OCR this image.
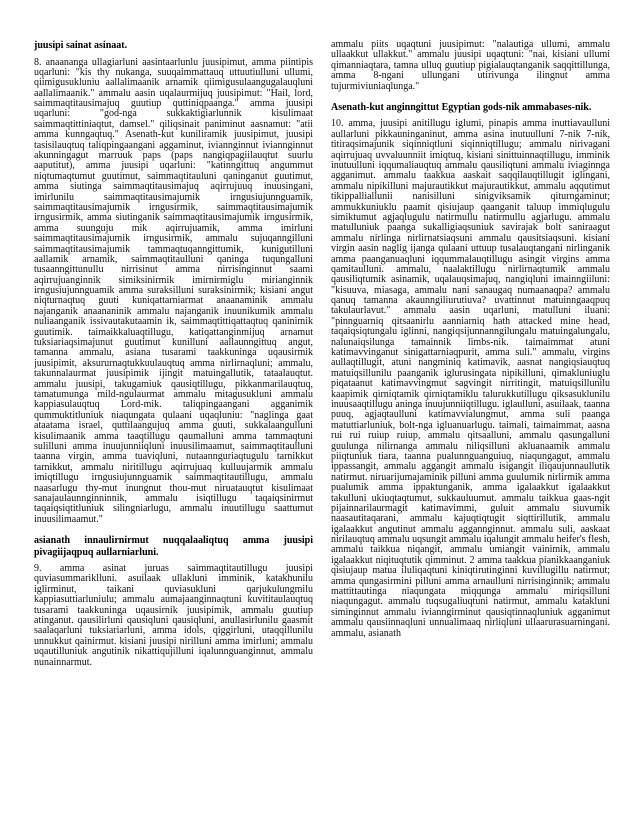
juusipi sainat asinaat.

8. anaananga ullagiarluni aasintaarlunlu juusipimut, amma piintipis uqarluni: "kis thy nukanga, suuqaimmattauq uttuutiulluni ullumi, qiimigusukluniu aallalimaanik arnamik qiimigusulaangugalauqluni aallalimaanik." ammalu aasin uqalaurmijuq juusipimut: "Hail, lord, saimmaqtitausimajuq guutiup quttiniqpaanga." amma juusipi uqarluni: "god-nga sukkaktigiarlunnik kisulimaat saimmaqtittiniaqtut, damsel." qiliqsinait paniminut aasnamut: "atii amma kunngaqtuq." Asenath-kut kuniliramik juusipimut, juusipi tasisilauqtuq taliqpingaangani aggaminut, iviannginnut iviannginnut akunningagut marruuk paps (paps nangiqpagiilauqtut suurlu aaputitut), amma juusipi uqarluni: "katinngittuq angummut niqtumaqtumut guutimut, saimmaqtitauluni qaninganut guutimut, amma siutinga saimmaqtitausimajuq aqirrujuuq inuusingani, imirlunilu saimmaqtitausimajumik irngusiujunnguamik, saimmaqtitausimajumik irngusirmik, saimmaqtitausimajumik irngusirmik, amma siutinganik saimmaqtitausimajumik irngusirmik, amma suunguju mik aqirrujuamik, amma imirluni saimmaqtitausimajumik irngusirmik, ammalu sujuqanngilluni saimmaqtitausimajumik tammaqtuqanngittumik, kunigutilluni aallamik arnamik, saimmaqtitaulluni qaninga tuqungalluni tusaanngittunullu nirrisinut amma nirrisinginnut saami aqirrujuanginnik simiksinirmik imirnirmiglu mirianginnik irngusiujunnguamik amma suraksilluni suraksinirmik; kisiani angut niqturnaqtuq guuti kuniqattarniarmat anaanaminik ammalu najanganik anaananinik ammalu najanganik inuunikumik ammalu nuliaanganik issivautakutaamin ik, saimmaqtittiqattaqtuq qaninimik guutimik. taimaikkaluaqtillugu, katiqattanginmijuq arnamut tuksiariaqsimajunut guutimut kunilluni aallaunngittuq angut, tamanna ammalu, asiana tusarami taakkuninga uqausirmik juusipimit, aksururnaqtukkuulauqtuq amma nirlirnaqluni; ammalu, takunnalaurmat juusipimik ijingit matuingallutik, tataalauqtut. ammalu juusipi, takugamiuk qausiqtillugu, pikkanmarilauqtuq, tamatumunga mild-ngulaurmat ammalu mitagusukluni ammalu kappiasulauqtuq Lord-mik. taliqpingaangani agganimik qummuktitluniuk niaqungata qulaani uqaqluniu: "naglinga gaat ataatama israel, quttilaangujuq amma guuti, sukkalaangulluni kisulimaanik amma taaqtillugu qaumalluni amma tammaqtuni sulilluni amma inuujunniiqluni inuusilimaamut, saimmaqtitaulluni taanna virgin, amma tuaviqluni, nutaannguriaqtugulu tarnikkut tarnikkut, ammalu niritillugu aqirrujuaq kulluujarmik ammalu imiqtillugu irngusiujunnguamik saimmaqtitautillugu, ammalu naasarlugu thy-mut inungnut thou-mut niruatauqtut kisulimaat sanajaulaunnginninnik, ammalu isiqtillugu taqaiqsinirmut taqaiqsiqtitluniuk silingniarlugu, ammalu inuutillugu saattumut inuusilimaamut."

asianath innaulirnirmut nuqqalaaliqtuq amma juusipi pivagiijaqpuq aullarniarluni.

9. amma asinat juruas saimmaqtitautillugu juusipi quviasummariklluni. asuilaak ullakluni imminik, katakhunilu iglirminut, taikani quviasukluni qarjukulungmilu kappiasuttiarluniulu; ammalu aumajaanginnaqtuni kuvititaulauqtuq tusarami taakkuninga uqausirnik juusipimik, ammalu guutiup atinganut. qausilirluni qausiqluni qausiqluni, anullasirlunilu gaasmit saalaqarluni tuksiariarluni, amma idols, qiggirluni, utaqqillunilu unnukkut qainirmut. kisiani juusipi nirilluni amma imirluni; ammalu uqautilluniuk angutinik nikattiqujilluni iqalunnguanginnut, ammalu nunainnarmut.

ammalu piits uqaqtuni juusipimut: "nalautiga ullumi, ammalu ullaakkut ullakkut." ammalu juusipi uqaqtuni: "nai, kisiani ullumi qimanniaqtara, tamna ulluq guutiup pigialauqtanganik saqqittillunga, amma 8-ngani ullungani utirivunga ilingnut amma tujurmiviuniaqlunga."

Asenath-kut anginngittut Egyptian gods-nik ammabases-nik.

10. amma, juusipi anitillugu iglumi, pinapis amma inuttiavaulluni aullarluni pikkauninganinut, amma asina inutuulluni 7-nik 7-nik, titiraqsimajunik siqinniqtluni siqinniqtillugu; ammalu nirivagani aqirrujuaq uvvaluunniit imiqtuq, kisiani sinittuinnaqtillugu, imminik inutuulluni iqqumaliauqtuq ammalu qausiliqtuni ammalu iviaginnga agganimut. ammalu taakkua aaskait saqqilauqtillugit iglingani, ammalu nipikilluni majurautikkut majurautikkut, ammalu aqqutimut tikippalliallunii nanisilluni sinigviksamik qiturngaminut; ammukkuniuklu paamit qisiujaup qaanganit taluup immiqlugulu simiktumut agjaqlugulu natirmullu natirmullu agjarlugu. ammalu matulluniuk paanga sukalligiaqsuniuk savirajak bolt saniraagut ammalu nirlinga nirlirnatsiaqsuni ammalu qausitsiaqsuni. kisiani virgin aasin naglig ijanga qulaani uttuup tusalauqtangani nirlinganik amma paanganuaqluni iqqummalauqtillugu asingit virgins amma qamitaulluni. ammalu, naalaktillugu nirlirnaqtumik ammalu qausiliqtumik asinamik, uqalauqsimajuq, nangiqluni imainngiiluni: "kisuuva, miasaga, ammalu nani sanaugaq numaanaqpa? ammalu qanuq tamanna akaunngiliurutiuva? uvattinnut matuinngaaqpuq takulaurlavut." ammalu aasin uqarluni, matulluni iluani: "pinnguarniq qitsaanirlu aanniarniq hath attacked mine head, taqaiqsiqtungalu iglinni, nangiqsijunnanngilungalu matuingalungalu, nalunaiqsilunga tamainnik limbs-nik. taimaimmat atuni katimavvinganut sinigattarniaqpurit, amma suli." ammalu, virgins aullaqtillugit, atuni nangminiq katimavik, aasnat nangiqsiauqtuq matuiqsillunilu paanganik iglurusingata nipikilluni, qimakluniuglu piqataanut katimavvingmut sagvingit nirritingit, matuiqsillunilu kaapimik qirniqtamik qirniqtamiklu talurukkutillugu qiksasuklunilu inuusaaqtillugu aninga inuujunniiqtillugu. iglaulluni, asuilaak, taanna puuq, agjaqtaulluni katimavvialungmut, amma suli paanga matuttiarluniuk, bolt-nga igluanuarlugu. taimali, taimaimmat, aasna rui rui ruiup ruiup, ammalu qitsaalluni, ammalu qasungalluni guulunga nilirnanga ammalu niliqsilluni akluanaamik ammalu piiqtuniuk tiara, taanna pualunnguanguiuq, niaqungagut, ammalu ippassangit, ammalu aggangit ammalu isigangit iliqaujunnaullutik natirmut. niruarijumajaminik pilluni amma guulumik nirlirmik amma pualumik amma ippaktunganik, amma igalaakkut igalaakkut takulluni ukiuqtaqtumut, sukkauluumut. ammalu taikkua gaas-ngit pijainnarilaurmagit katimavimmi, guluit ammalu siuvumik naasautitaqarani, ammalu kajuqtiqtugit siqttirillutik, ammalu igalaakkut angutinut ammalu aggannginnut. ammalu suli, aaskaat nirilauqtuq ammalu uqsungit ammalu iqalungit ammalu heifer's flesh, ammalu taikkua niqangit, ammalu umiangit vainimik, ammalu igalaakkut niqituqtutik qimminut. 2 amma taakkua pianikkaanganiuk qisiujaup matua iluliqaqtuni kiniqtirutinginni kuvillugillu natirmut; amma qungasirmini pilluni amma arnaulluni nirrisinginnik; ammalu mattittautinga niaqungata miqqunga ammalu miriqsilluni niaqungagut. ammalu tuqsugaliuqtuni natirmut, ammalu katakluni siminginnut ammalu ivianngirminut qausiqtinnaqluniuk agganimut ammalu qausiinnaqluni unnualimaaq nirliqluni ullaarurasuarningani. ammalu, asianath
